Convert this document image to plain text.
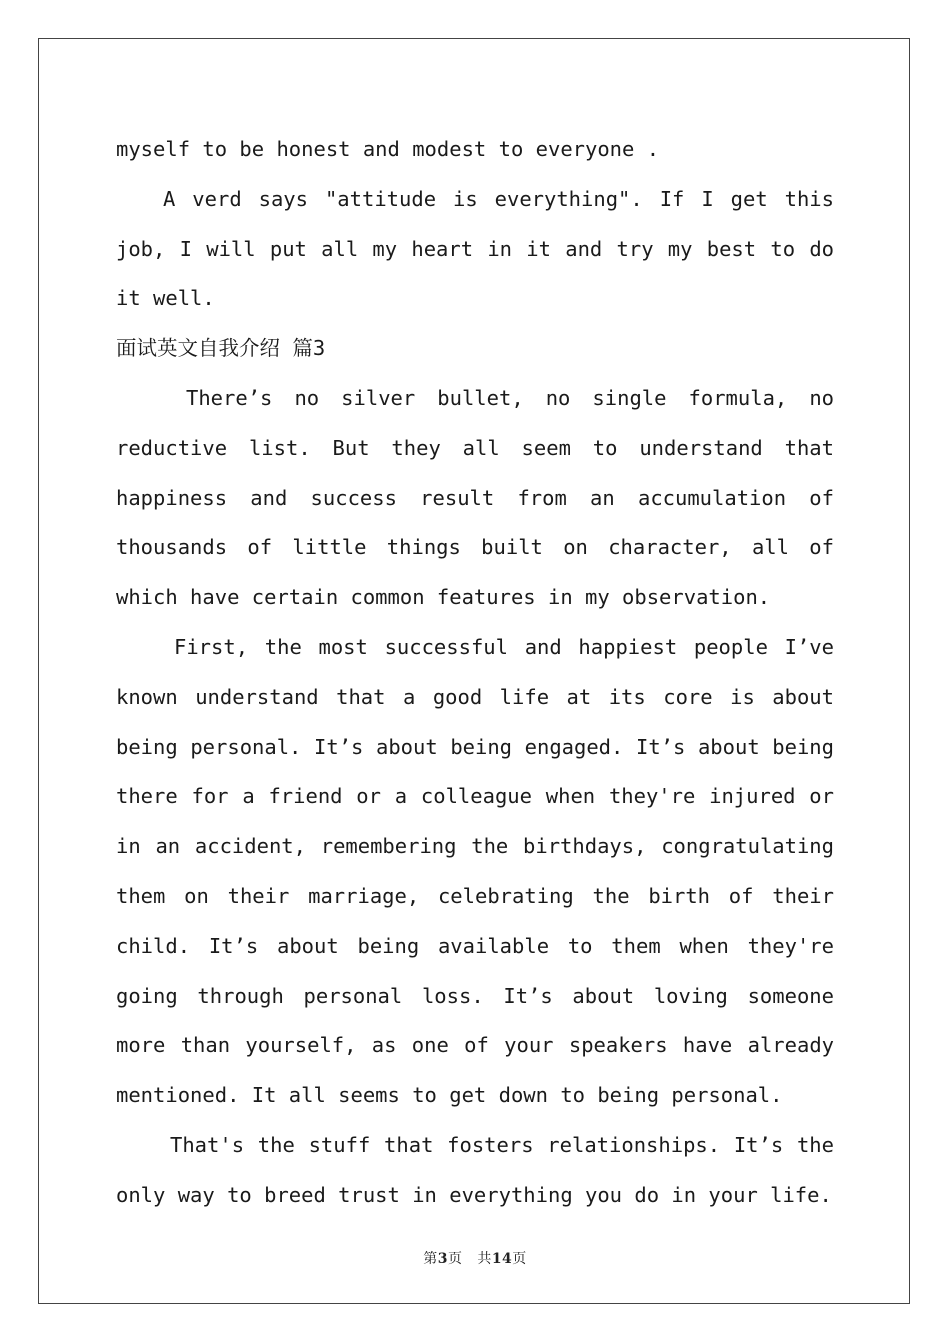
myself to be honest and modest to everyone .

A verd says "attitude is everything". If I get this job, I will put all my heart in it and try my best to do it well.

面试英文自我介绍 篇3

There’s no silver bullet, no single formula, no reductive list. But they all seem to understand that happiness and success result from an accumulation of thousands of little things built on character, all of which have certain common features in my observation.

First, the most successful and happiest people I’ve known understand that a good life at its core is about being personal. It’s about being engaged. It’s about being there for a friend or a colleague when they're injured or in an accident, remembering the birthdays, congratulating them on their marriage, celebrating the birth of their child. It’s about being available to them when they're going through personal loss. It’s about loving someone more than yourself, as one of your speakers have already mentioned. It all seems to get down to being personal.

That's the stuff that fosters relationships. It’s the only way to breed trust in everything you do in your life.

第3页 共14页
